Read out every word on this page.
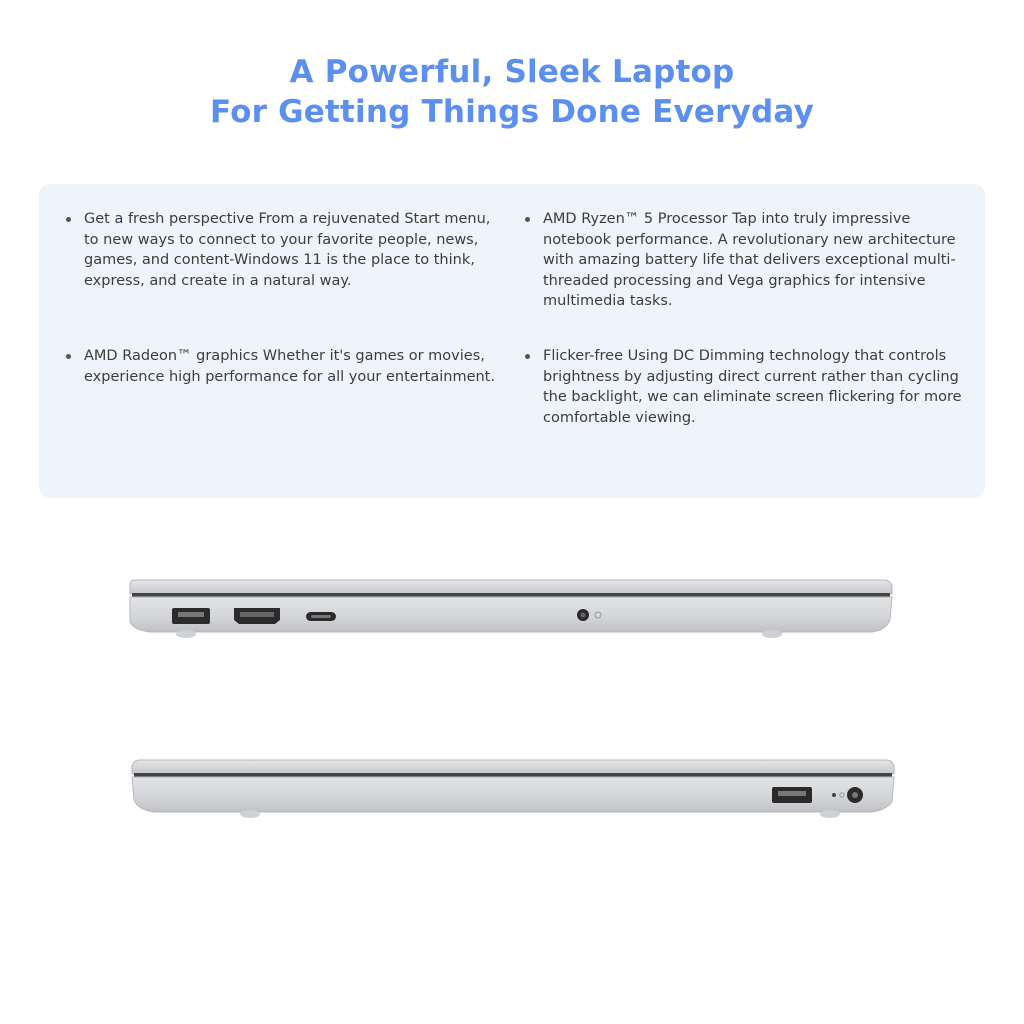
A Powerful, Sleek Laptop
For Getting Things Done Everyday
Get a fresh perspective From a rejuvenated Start menu, to new ways to connect to your favorite people, news, games, and content-Windows 11 is the place to think, express, and create in a natural way.
AMD Ryzen™ 5 Processor Tap into truly impressive notebook performance. A revolutionary new architecture with amazing battery life that delivers exceptional multi-threaded processing and Vega graphics for intensive multimedia tasks.
AMD Radeon™ graphics Whether it's games or movies, experience high performance for all your entertainment.
Flicker-free Using DC Dimming technology that controls brightness by adjusting direct current rather than cycling the backlight, we can eliminate screen flickering for more comfortable viewing.
